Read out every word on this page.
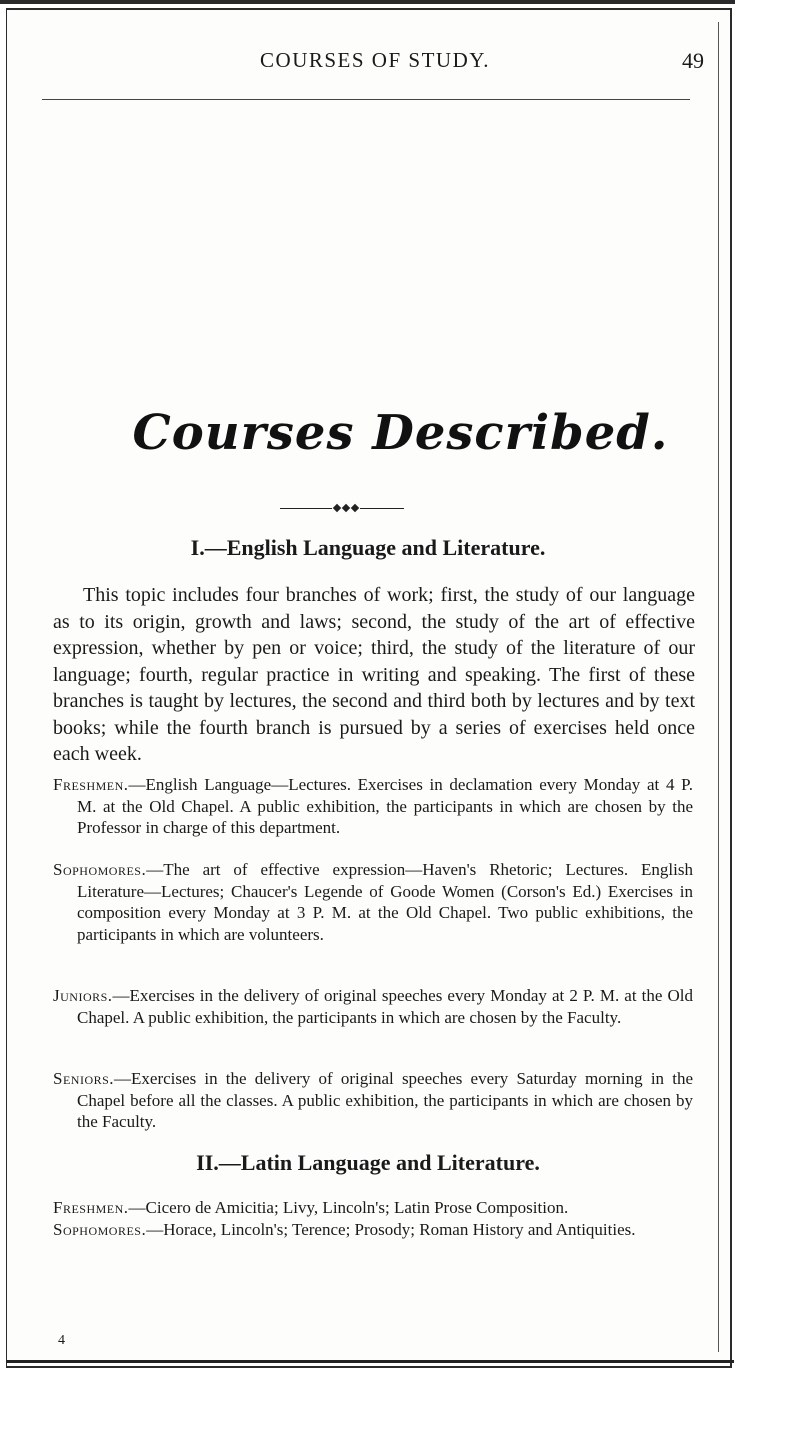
COURSES OF STUDY.	49
Courses Described.
I.—English Language and Literature.
This topic includes four branches of work; first, the study of our language as to its origin, growth and laws; second, the study of the art of effective expression, whether by pen or voice; third, the study of the literature of our language; fourth, regular practice in writing and speaking. The first of these branches is taught by lectures, the second and third both by lectures and by text books; while the fourth branch is pursued by a series of exercises held once each week.
Freshmen.—English Language—Lectures. Exercises in declamation every Monday at 4 P. M. at the Old Chapel. A public exhibition, the participants in which are chosen by the Professor in charge of this department.
Sophomores.—The art of effective expression—Haven's Rhetoric; Lectures. English Literature—Lectures; Chaucer's Legende of Goode Women (Corson's Ed.) Exercises in composition every Monday at 3 P. M. at the Old Chapel. Two public exhibitions, the participants in which are volunteers.
Juniors.—Exercises in the delivery of original speeches every Monday at 2 P. M. at the Old Chapel. A public exhibition, the participants in which are chosen by the Faculty.
Seniors.—Exercises in the delivery of original speeches every Saturday morning in the Chapel before all the classes. A public exhibition, the participants in which are chosen by the Faculty.
II.—Latin Language and Literature.
Freshmen.—Cicero de Amicitia; Livy, Lincoln's; Latin Prose Composition.
Sophomores.—Horace, Lincoln's; Terence; Prosody; Roman History and Antiquities.
4
